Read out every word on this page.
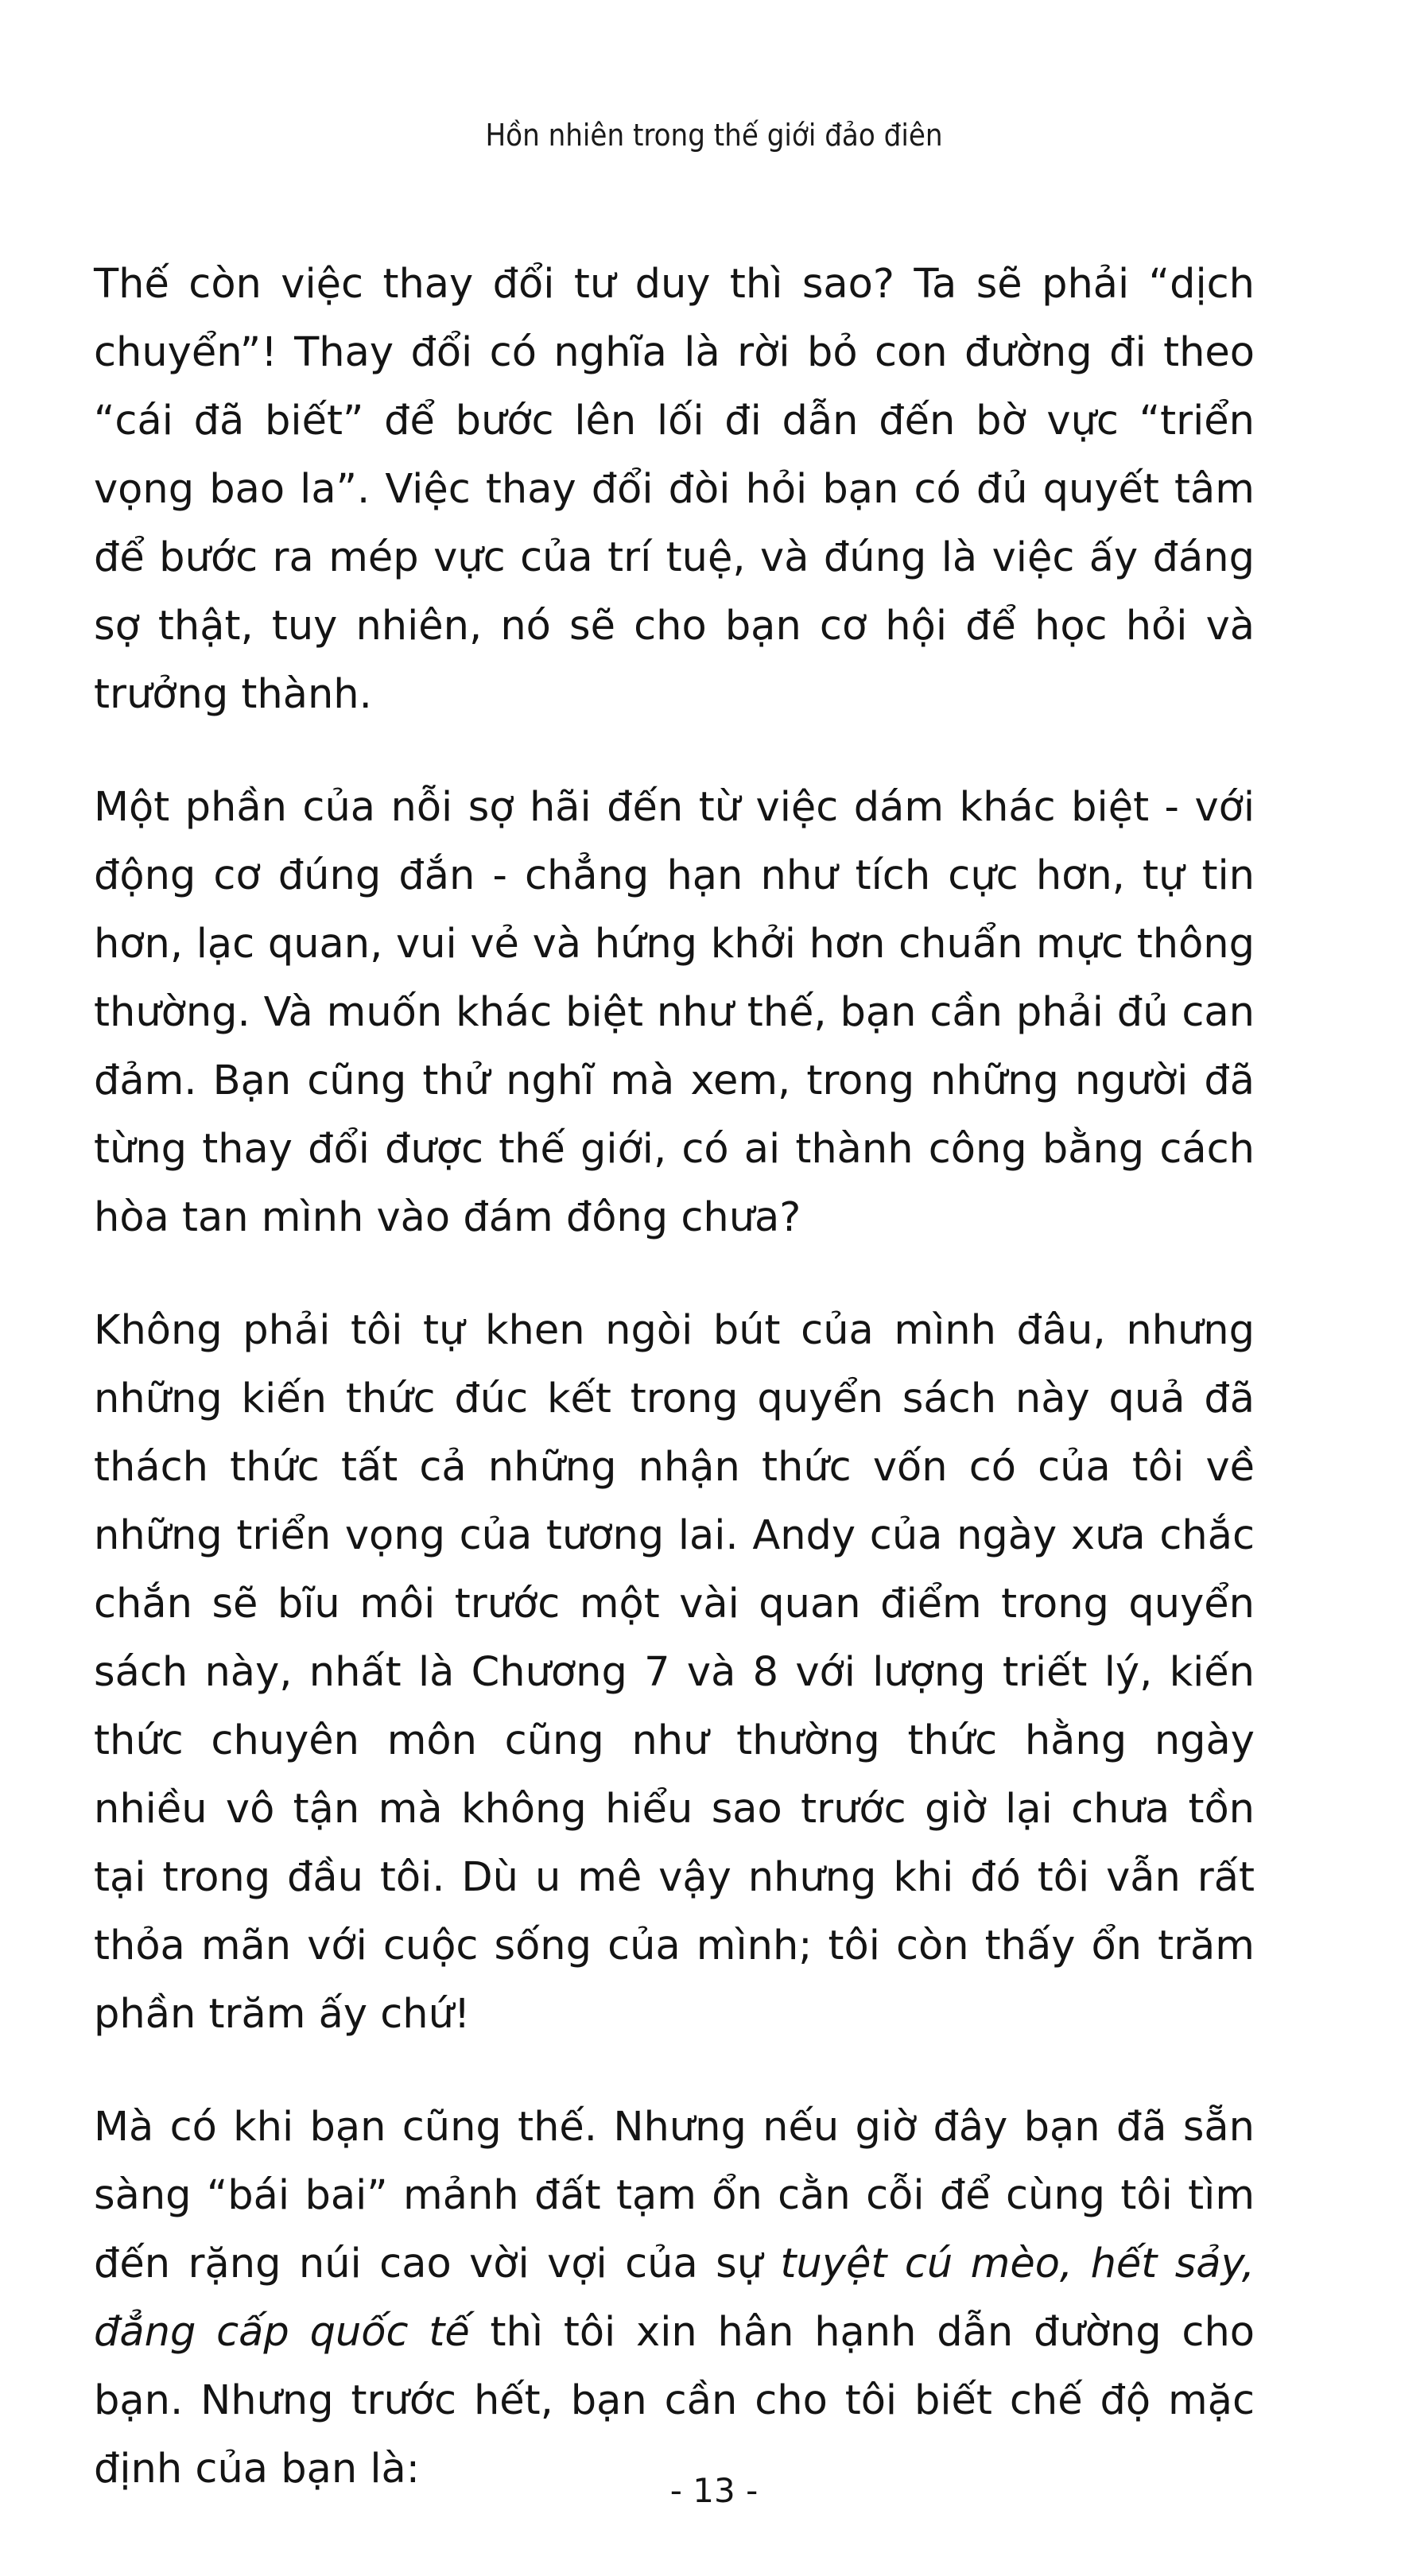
Hồn nhiên trong thế giới đảo điên

Thế còn việc thay đổi tư duy thì sao? Ta sẽ phải “dịch chuyển”! Thay đổi có nghĩa là rời bỏ con đường đi theo “cái đã biết” để bước lên lối đi dẫn đến bờ vực “triển vọng bao la”. Việc thay đổi đòi hỏi bạn có đủ quyết tâm để bước ra mép vực của trí tuệ, và đúng là việc ấy đáng sợ thật, tuy nhiên, nó sẽ cho bạn cơ hội để học hỏi và trưởng thành.

Một phần của nỗi sợ hãi đến từ việc dám khác biệt - với động cơ đúng đắn - chẳng hạn như tích cực hơn, tự tin hơn, lạc quan, vui vẻ và hứng khởi hơn chuẩn mực thông thường. Và muốn khác biệt như thế, bạn cần phải đủ can đảm. Bạn cũng thử nghĩ mà xem, trong những người đã từng thay đổi được thế giới, có ai thành công bằng cách hòa tan mình vào đám đông chưa?

Không phải tôi tự khen ngòi bút của mình đâu, nhưng những kiến thức đúc kết trong quyển sách này quả đã thách thức tất cả những nhận thức vốn có của tôi về những triển vọng của tương lai. Andy của ngày xưa chắc chắn sẽ bĩu môi trước một vài quan điểm trong quyển sách này, nhất là Chương 7 và 8 với lượng triết lý, kiến thức chuyên môn cũng như thường thức hằng ngày nhiều vô tận mà không hiểu sao trước giờ lại chưa tồn tại trong đầu tôi. Dù u mê vậy nhưng khi đó tôi vẫn rất thỏa mãn với cuộc sống của mình; tôi còn thấy ổn trăm phần trăm ấy chứ!

Mà có khi bạn cũng thế. Nhưng nếu giờ đây bạn đã sẵn sàng “bái bai” mảnh đất tạm ổn cằn cỗi để cùng tôi tìm đến rặng núi cao vời vợi của sự tuyệt cú mèo, hết sảy, đẳng cấp quốc tế thì tôi xin hân hạnh dẫn đường cho bạn. Nhưng trước hết, bạn cần cho tôi biết chế độ mặc định của bạn là:	- 13 -
